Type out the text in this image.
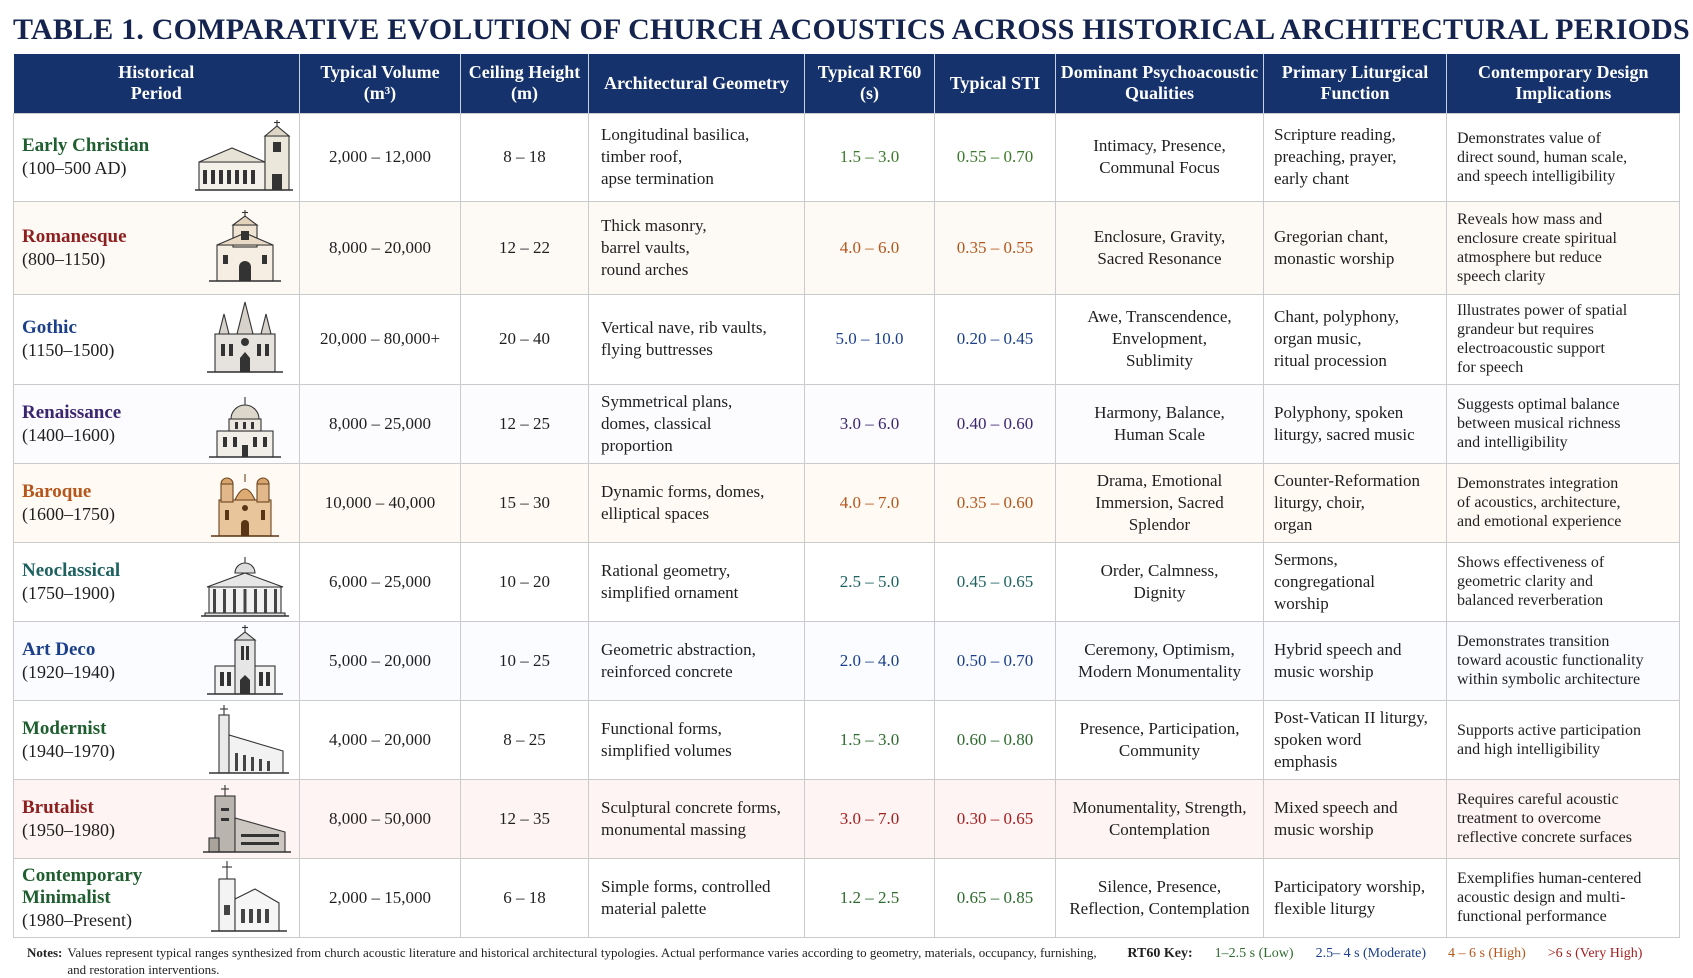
TABLE 1. COMPARATIVE EVOLUTION OF CHURCH ACOUSTICS ACROSS HISTORICAL ARCHITECTURAL PERIODS
Historical
Period	Typical Volume
(m³)	Ceiling Height
(m)	Architectural Geometry	Typical RT60
(s)	Typical STI	Dominant Psychoacoustic
Qualities	Primary Liturgical
Function	Contemporary Design
Implications

Early Christian
(100–500 AD)	2,000 – 12,000	8 – 18	Longitudinal basilica,
timber roof,
apse termination	1.5 – 3.0	0.55 – 0.70	Intimacy, Presence,
Communal Focus	Scripture reading,
preaching, prayer,
early chant	Demonstrates value of
direct sound, human scale,
and speech intelligibility

Romanesque
(800–1150)	8,000 – 20,000	12 – 22	Thick masonry,
barrel vaults,
round arches	4.0 – 6.0	0.35 – 0.55	Enclosure, Gravity,
Sacred Resonance	Gregorian chant,
monastic worship	Reveals how mass and
enclosure create spiritual
atmosphere but reduce
speech clarity

Gothic
(1150–1500)	20,000 – 80,000+	20 – 40	Vertical nave, rib vaults,
flying buttresses	5.0 – 10.0	0.20 – 0.45	Awe, Transcendence,
Envelopment,
Sublimity	Chant, polyphony,
organ music,
ritual procession	Illustrates power of spatial
grandeur but requires
electroacoustic support
for speech

Renaissance
(1400–1600)	8,000 – 25,000	12 – 25	Symmetrical plans,
domes, classical
proportion	3.0 – 6.0	0.40 – 0.60	Harmony, Balance,
Human Scale	Polyphony, spoken
liturgy, sacred music	Suggests optimal balance
between musical richness
and intelligibility

Baroque
(1600–1750)	10,000 – 40,000	15 – 30	Dynamic forms, domes,
elliptical spaces	4.0 – 7.0	0.35 – 0.60	Drama, Emotional
Immersion, Sacred
Splendor	Counter-Reformation
liturgy, choir,
organ	Demonstrates integration
of acoustics, architecture,
and emotional experience

Neoclassical
(1750–1900)	6,000 – 25,000	10 – 20	Rational geometry,
simplified ornament	2.5 – 5.0	0.45 – 0.65	Order, Calmness,
Dignity	Sermons, congregational
worship	Shows effectiveness of
geometric clarity and
balanced reverberation

Art Deco
(1920–1940)	5,000 – 20,000	10 – 25	Geometric abstraction,
reinforced concrete	2.0 – 4.0	0.50 – 0.70	Ceremony, Optimism,
Modern Monumentality	Hybrid speech and
music worship	Demonstrates transition
toward acoustic functionality
within symbolic architecture

Modernist
(1940–1970)	4,000 – 20,000	8 – 25	Functional forms,
simplified volumes	1.5 – 3.0	0.60 – 0.80	Presence, Participation,
Community	Post-Vatican II liturgy,
spoken word
emphasis	Supports active participation
and high intelligibility

Brutalist
(1950–1980)	8,000 – 50,000	12 – 35	Sculptural concrete forms,
monumental massing	3.0 – 7.0	0.30 – 0.65	Monumentality, Strength,
Contemplation	Mixed speech and
music worship	Requires careful acoustic
treatment to overcome
reflective concrete surfaces

Contemporary Minimalist
(1980–Present)	2,000 – 15,000	6 – 18	Simple forms, controlled
material palette	1.2 – 2.5	0.65 – 0.85	Silence, Presence,
Reflection, Contemplation	Participatory worship,
flexible liturgy	Exemplifies human-centered
acoustic design and multi-
functional performance
Notes: Values represent typical ranges synthesized from church acoustic literature and historical architectural typologies. Actual performance varies according to geometry, materials, occupancy, furnishing, and restoration interventions.
RT60 Key: 1–2.5 s (Low) 2.5– 4 s (Moderate) 4 – 6 s (High) >6 s (Very High)
